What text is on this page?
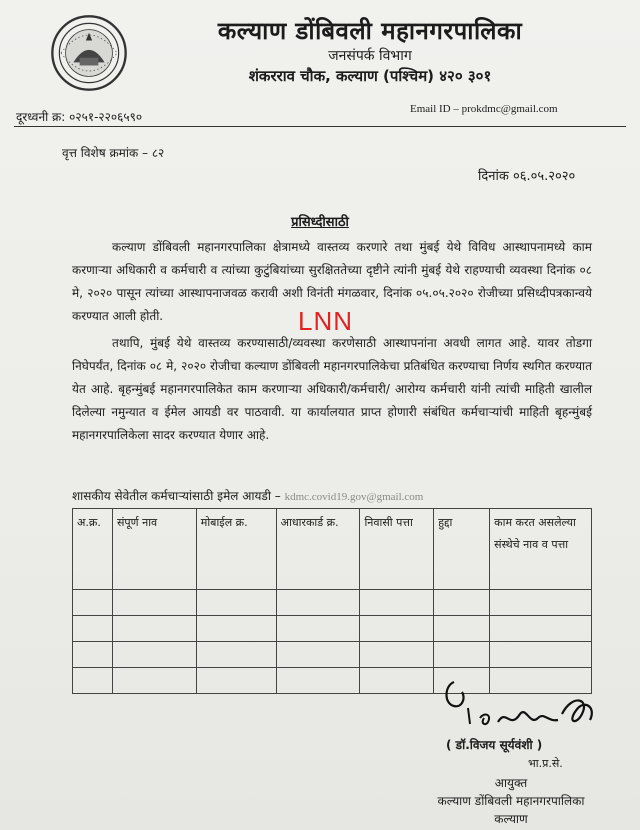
कल्याण डोंबिवली महानगरपालिका
जनसंपर्क विभाग
शंकरराव चौक, कल्याण (पश्चिम) ४२० ३०१
दूरध्वनी क्र: ०२५१-२२०६५९०
Email ID – prokdmc@gmail.com
वृत्त विशेष क्रमांक – ८२
दिनांक ०६.०५.२०२०
प्रसिध्दीसाठी

कल्याण डोंबिवली महानगरपालिका क्षेत्रामध्ये वास्तव्य करणारे तथा मुंबई येथे विविध आस्थापनामध्ये काम करणाऱ्या अधिकारी व कर्मचारी व त्यांच्या कुटुंबियांच्या सुरक्षिततेच्या दृष्टीने त्यांनी मुंबई येथे राहण्याची व्यवस्था दिनांक ०८ मे, २०२० पासून त्यांच्या आस्थापनाजवळ करावी अशी विनंती मंगळवार, दिनांक ०५.०५.२०२० रोजीच्या प्रसिध्दीपत्रकान्वये करण्यात आली होती.	LNN

तथापि, मुंबई येथे वास्तव्य करण्यासाठी/व्यवस्था करणेसाठी आस्थापनांना अवधी लागत आहे. यावर तोडगा निघेपर्यंत, दिनांक ०८ मे, २०२० रोजीचा कल्याण डोंबिवली महानगरपालिकेचा प्रतिबंधित करण्याचा निर्णय स्थगित करण्यात येत आहे. बृहन्मुंबई महानगरपालिकेत काम करणाऱ्या अधिकारी/कर्मचारी/ आरोग्य कर्मचारी यांनी त्यांची माहिती खालील दिलेल्या नमुन्यात व ईमेल आयडी वर पाठवावी. या कार्यालयात प्राप्त होणारी संबंधित कर्मचाऱ्यांची माहिती बृहन्मुंबई महानगरपालिकेला सादर करण्यात येणार आहे.

शासकीय सेवेतील कर्मचाऱ्यांसाठी इमेल आयडी – kdmc.covid19.gov@gmail.com
अ.क्र.	संपूर्ण नाव	मोबाईल क्र.	आधारकार्ड क्र.	निवासी पत्ता	हुद्दा	काम करत असलेल्या संस्थेचे नाव व पत्ता

( डॉ.विजय सूर्यवंशी )
भा.प्र.से.
आयुक्त
कल्याण डोंबिवली महानगरपालिका
कल्याण
